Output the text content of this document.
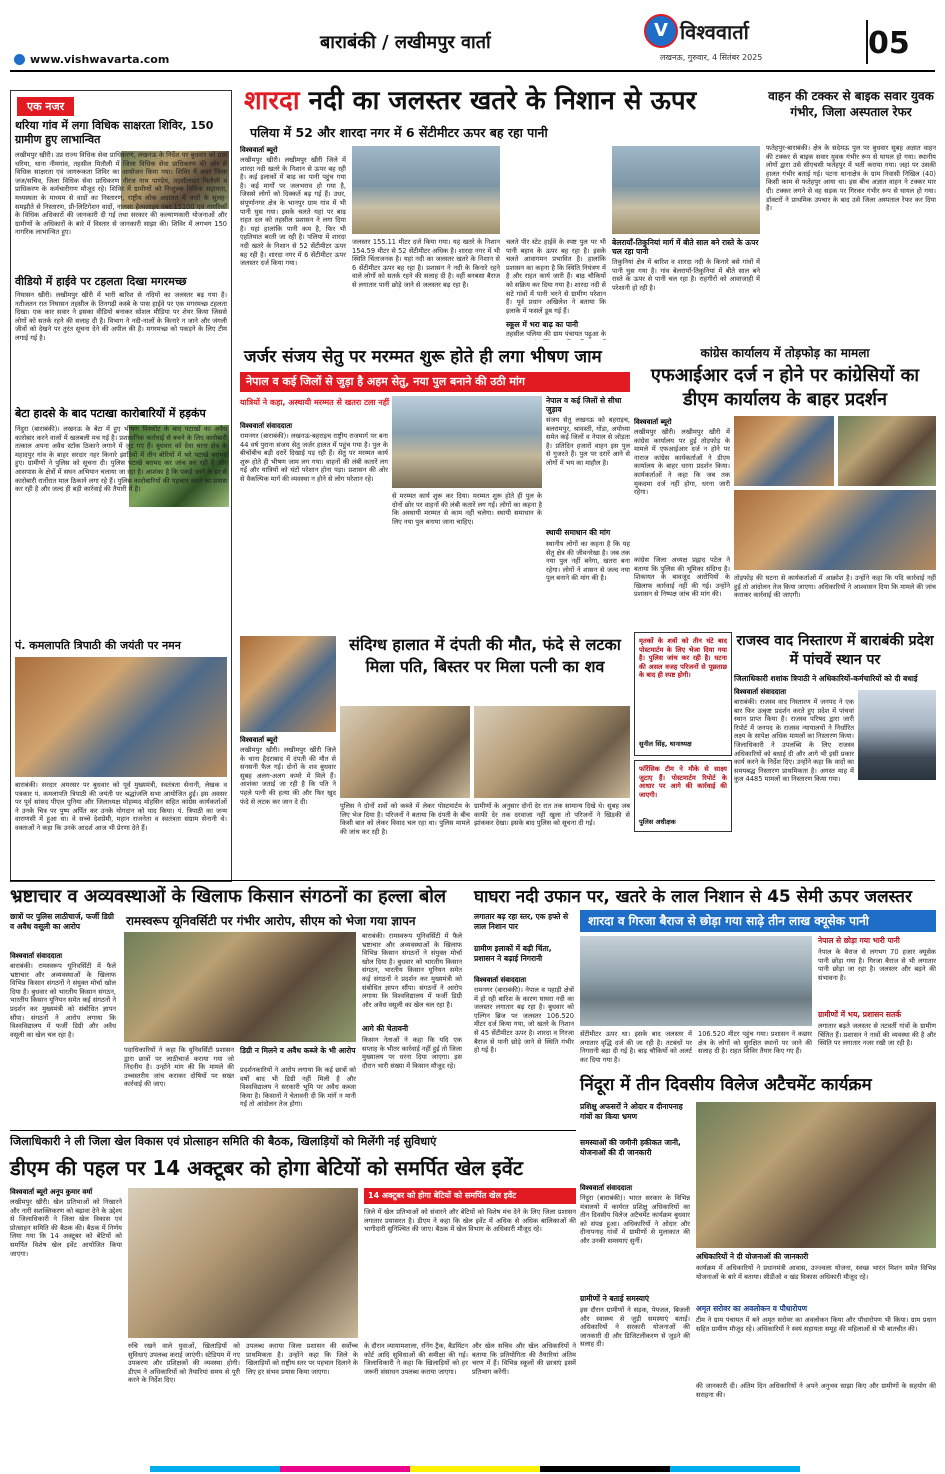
बाराबंकी / लखीमपुर वार्ता
www.vishwavarta.com
V विश्ववार्ता
लखनऊ, गुरुवार, 4 सितंबर 2025	05
एक नजर
थरिया गांव में लगा विधिक साक्षरता शिविर, 150 ग्रामीण हुए लाभान्वित
लखीमपुर खीरी। उप्र राज्य विधिक सेवा प्राधिकरण, लखनऊ के निर्देश पर बुधवार को ग्राम थरिया, थाना नीमगांव, तहसील मितौली में जिला विधिक सेवा प्राधिकरण की ओर से विधिक साक्षरता एवं जागरूकता शिविर का आयोजन किया गया। शिविर में अपर जिला जज/सचिव, जिला विधिक सेवा प्राधिकरण नीरज नाथ पाण्डेय, तहसीलदार मितौली व प्राधिकरण के कर्मचारीगण मौजूद रहे। शिविर में ग्रामीणों को निःशुल्क विधिक सहायता, मध्यस्थता के माध्यम से वादों का निस्तारण, राष्ट्रीय लोक अदालत में वादों के सुलह-समझौते से निस्तारण, प्री-लिटिगेशन वादों, नालसा हेल्पलाइन नंबर 15100 एवं नागरिकों के विधिक अधिकारों की जानकारी दी गई तथा सरकार की कल्याणकारी योजनाओं और ग्रामीणों के अधिकारों के बारे में विस्तार से जानकारी साझा की। शिविर में लगभग 150 नागरिक लाभान्वित हुए।
वीडियो में हाईवे पर टहलता दिखा मगरमच्छ
निघासन खीरी। लखीमपुर खीरी में भारी बारिश से नदियों का जलस्तर बढ़ गया है। नतीजतन रात निघासन तहसील के तिनगढ़ी कस्बे के पास हाईवे पर एक मगरमच्छ टहलता दिखा। एक कार सवार ने इसका वीडियो बनाकर सोशल मीडिया पर शेयर किया जिससे लोगों को सतर्क रहने की सलाह दी है। विभाग ने नदी-नालों के किनारे न जाने और जंगली जीवों को देखने पर तुरंत सूचना देने की अपील की है। मगरमच्छ को पकड़ने के लिए टीम लगाई गई है।
बेटा हादसे के बाद पटाखा कारोबारियों में हड़कंप
निंदुरा (बाराबंकी)। लखनऊ के बेटा में हुए भीषण विस्फोट के बाद पटाखों का अवैध कारोबार करने वालों में खलबली मच गई है। प्रशासनिक कार्रवाई से बचने के लिए कारोबारी तत्काल अपना अवैध स्टॉक ठिकाने लगाने में जुट गए हैं। बुधवार को देवा थाना क्षेत्र के महादपुर गांव के बाहर सरदार नहर किनारे झाड़ियों में तीन बोरियों में भरे पटाखे बरामद हुए। ग्रामीणों ने पुलिस को सूचना दी। पुलिस पटाखे बरामद कर जांच कर रही है और आसपास के क्षेत्रों में सघन अभियान चलाया जा रहा है। आशंका है कि पकड़े जाने के डर से कारोबारी रातोंरात माल ठिकाने लगा रहे हैं। पुलिस कारोबारियों की पहचान करने का प्रयास कर रही है और जल्द ही बड़ी कार्रवाई की तैयारी में है।
पं. कमलापति त्रिपाठी की जयंती पर नमन
बाराबंकी। सरदार अमरसर पर बुधवार को पूर्व मुख्यमंत्री, स्वतंत्रता सेनानी, लेखक व पत्रकार पं. कमलापति त्रिपाठी की जयंती पर श्रद्धांजलि सभा आयोजित हुई। इस अवसर पर पूर्व सांसद पीएल पुनिया और जिलाध्यक्ष मोहम्मद मोहसिन सहित कांग्रेस कार्यकर्ताओं ने उनके चित्र पर पुष्प अर्पित कर उनके योगदान को याद किया। पं. त्रिपाठी का जन्म वाराणसी में हुआ था। वे सच्चे देशप्रेमी, महान राजनेता व स्वतंत्रता संग्राम सेनानी थे। वक्ताओं ने कहा कि उनके आदर्श आज भी प्रेरणा देते हैं।
शारदा नदी का जलस्तर खतरे के निशान से ऊपर
पलिया में 52 और शारदा नगर में 6 सेंटीमीटर ऊपर बह रहा पानी
विश्ववार्ता ब्यूरो
लखीमपुर खीरी। लखीमपुर खीरी जिले में शारदा नदी खतरे के निशान से ऊपर बह रही है। कई इलाकों में बाढ़ का पानी पहुंच गया है। कई मार्गों पर जलभराव हो गया है, जिससे लोगों को दिक्कतें बढ़ गई हैं। उधर, संपूर्णानगर क्षेत्र के भानपुर ग्राम गांव में भी पानी घुस गया। इसके चलते यहां पर बाढ़ राहत दल को तहसील प्रशासन ने लगा दिया है। यहां हालांकि पानी कम है, फिर भी एहतियात बरती जा रही है। पलिया में शारदा नदी खतरे के निशान से 52 सेंटीमीटर ऊपर बह रही है। शारदा नगर में 6 सेंटीमीटर ऊपर जलस्तर दर्ज किया गया।
जलस्तर 155.11 मीटर दर्ज किया गया। यह खतरे के निशान 154.59 मीटर से 52 सेंटीमीटर अधिक है। शारदा नगर में भी स्थिति चिंताजनक है। यहां नदी का जलस्तर खतरे के निशान से 6 सेंटीमीटर ऊपर बह रहा है। प्रशासन ने नदी के किनारे रहने वाले लोगों को सतर्क रहने की सलाह दी है। वहीं बनबसा बैराज से लगातार पानी छोड़े जाने से जलस्तर बढ़ रहा है।
चलते पीर स्टेट हाईवे के स्पष्ट पुल पर भी पानी बहाव के ऊपर बह रहा है। इसके चलते आवागमन प्रभावित है। हालांकि प्रशासन का कहना है कि स्थिति नियंत्रण में है और राहत कार्य जारी हैं। बाढ़ चौकियों को सक्रिय कर दिया गया है। शारदा नदी से सटे गांवों में पानी भरने से ग्रामीण परेशान हैं। पूर्व प्रधान अखिलेश ने बताया कि इलाके में फसलें डूब गई हैं।
स्कूल में भरा बाढ़ का पानी
तहसील पलिया की ग्राम पंचायत पढ़ुआ के
बेलरायाँ-तिकुनियां मार्ग में बीते साल बने रास्ते के ऊपर चल रहा पानी
तिकुनियां क्षेत्र में बारिश व शारदा नदी के किनारे बसे गांवों में पानी घुस गया है। गांव बेलरायाँ-तिकुनियां में बीते साल बने रास्ते के ऊपर से पानी चल रहा है। राहगीरों को आवाजाही में परेशानी हो रही है।
वाहन की टक्कर से बाइक सवार युवक गंभीर, जिला अस्पताल रेफर
फतेहपुर-बाराबंकी। क्षेत्र के सदेमऊ पुल पर बुधवार सुबह अज्ञात वाहन की टक्कर से बाइक सवार युवक गंभीर रूप से घायल हो गया। स्थानीय लोगों द्वारा उसे सीएचसी फतेहपुर में भर्ती कराया गया। जहां पर उसकी हालत गंभीर बताई गई। पटना थानाक्षेत्र के ग्राम निवासी निखिल (40) किसी काम से फतेहपुर आया था। इस बीच अज्ञात वाहन ने टक्कर मार दी। टक्कर लगने से वह सड़क पर गिरकर गंभीर रूप से घायल हो गया। डॉक्टरों ने प्राथमिक उपचार के बाद उसे जिला अस्पताल रेफर कर दिया है।
जर्जर संजय सेतु पर मरम्मत शुरू होते ही लगा भीषण जाम
नेपाल व कई जिलों से जुड़ा है अहम सेतु, नया पुल बनाने की उठी मांग
यात्रियों ने कहा, अस्थायी मरम्मत से खतरा टला नहीं
विश्ववार्ता संवाददाता
रामनगर (बाराबंकी)। लखनऊ-बहराइच राष्ट्रीय राजमार्ग पर बना 44 वर्ष पुराना संजय सेतु जर्जर हालत में पहुंच गया है। पुल के बीचोंबीच बड़ी दरारें दिखाई पड़ रही हैं। सेतु पर मरम्मत कार्य शुरू होते ही भीषण जाम लग गया। वाहनों की लंबी कतारें लग गईं और यात्रियों को घंटों परेशान होना पड़ा। प्रशासन की ओर से वैकल्पिक मार्ग की व्यवस्था न होने से लोग परेशान रहे।
से मरम्मत कार्य शुरू कर दिया। मरम्मत शुरू होते ही पुल के दोनों छोर पर वाहनों की लंबी कतारें लग गईं। लोगों का कहना है कि अस्थायी मरम्मत से काम नहीं चलेगा। स्थायी समाधान के लिए नया पुल बनाया जाना चाहिए।
नेपाल व कई जिलों से सीधा जुड़ाव
संजय सेतु लखनऊ को बहराइच, बलरामपुर, श्रावस्ती, गोंडा, अयोध्या समेत कई जिलों व नेपाल से जोड़ता है। प्रतिदिन हजारों वाहन इस पुल से गुजरते हैं। पुल पर दरारें आने से लोगों में भय का माहौल है।
स्थायी समाधान की मांग
स्थानीय लोगों का कहना है कि यह सेतु क्षेत्र की जीवनरेखा है। जब तक नया पुल नहीं बनेगा, खतरा बना रहेगा। लोगों ने शासन से जल्द नया पुल बनाने की मांग की है।
कांग्रेस कार्यालय में तोड़फोड़ का मामला
एफआईआर दर्ज न होने पर कांग्रेसियों का डीएम कार्यालय के बाहर प्रदर्शन
विश्ववार्ता ब्यूरो
लखीमपुर खीरी। लखीमपुर खीरी में कांग्रेस कार्यालय पर हुई तोड़फोड़ के मामले में एफआईआर दर्ज न होने पर नाराज कांग्रेस कार्यकर्ताओं ने डीएम कार्यालय के बाहर धरना प्रदर्शन किया। कार्यकर्ताओं ने कहा कि जब तक मुकदमा दर्ज नहीं होगा, धरना जारी रहेगा।
कांग्रेस जिला अध्यक्ष प्रह्लाद पटेल ने बताया कि पुलिस की भूमिका संदिग्ध है। शिकायत के बावजूद आरोपियों के खिलाफ कार्रवाई नहीं की गई। उन्होंने प्रशासन से निष्पक्ष जांच की मांग की।
तोड़फोड़ की घटना से कार्यकर्ताओं में आक्रोश है। उन्होंने कहा कि यदि कार्रवाई नहीं हुई तो आंदोलन तेज किया जाएगा। अधिकारियों ने आश्वासन दिया कि मामले की जांच कराकर कार्रवाई की जाएगी।
संदिग्ध हालात में दंपती की मौत, फंदे से लटका मिला पति, बिस्तर पर मिला पत्नी का शव
विश्ववार्ता ब्यूरो
लखीमपुर खीरी। लखीमपुर खीरी जिले के थाना हैदराबाद में दंपती की मौत से सनसनी फैल गई। दोनों के शव बुधवार सुबह अलग-अलग कमरे में मिले हैं। आशंका जताई जा रही है कि पति ने पहले पत्नी की हत्या की और फिर खुद फंदे से लटक कर जान दे दी।
पुलिस ने दोनों शवों को कब्जे में लेकर पोस्टमार्टम के लिए भेज दिया है। परिजनों ने बताया कि दंपती के बीच किसी बात को लेकर विवाद चल रहा था। पुलिस मामले की जांच कर रही है।
ग्रामीणों के अनुसार दोनों देर रात तक सामान्य दिखे थे। सुबह जब काफी देर तक दरवाजा नहीं खुला तो परिजनों ने खिड़की से झांककर देखा। इसके बाद पुलिस को सूचना दी गई।
मृतकों के शवों को तीन घंटे बाद पोस्टमार्टम के लिए भेजा दिया गया है। पुलिस जांच कर रही है। घटना की असल वजह परिजनों से पूछताछ के बाद ही स्पष्ट होगी।
सुनील सिंह, थानाध्यक्ष
फॉरेंसिक टीम ने मौके से साक्ष्य जुटाए हैं। पोस्टमार्टम रिपोर्ट के आधार पर आगे की कार्रवाई की जाएगी।
पुलिस अधीक्षक
राजस्व वाद निस्तारण में बाराबंकी प्रदेश में पांचवें स्थान पर
जिलाधिकारी शशांक त्रिपाठी ने अधिकारियों-कर्मचारियों को दी बधाई
विश्ववार्ता संवाददाता
बाराबंकी। राजस्व वाद निस्तारण में जनपद ने एक बार फिर उत्कृष्ट प्रदर्शन करते हुए प्रदेश में पांचवां स्थान प्राप्त किया है। राजस्व परिषद द्वारा जारी रिपोर्ट में जनपद के राजस्व न्यायालयों ने निर्धारित लक्ष्य के सापेक्ष अधिक मामलों का निस्तारण किया। जिलाधिकारी ने उपलब्धि के लिए राजस्व अधिकारियों को बधाई दी और आगे भी इसी प्रकार कार्य करने के निर्देश दिए। उन्होंने कहा कि वादों का समयबद्ध निस्तारण प्राथमिकता है। अगस्त माह में कुल 4485 मामलों का निस्तारण किया गया।
भ्रष्टाचार व अव्यवस्थाओं के खिलाफ किसान संगठनों का हल्ला बोल
छात्रों पर पुलिस लाठीचार्ज, फर्जी डिग्री व अवैध वसूली का आरोप	रामस्वरूप यूनिवर्सिटी पर गंभीर आरोप, सीएम को भेजा गया ज्ञापन
विश्ववार्ता संवाददाता
बाराबंकी। रामस्वरूप यूनिवर्सिटी में फैले भ्रष्टाचार और अव्यवस्थाओं के खिलाफ विभिन्न किसान संगठनों ने संयुक्त मोर्चा खोल दिया है। बुधवार को भारतीय किसान संगठन, भारतीय किसान यूनियन समेत कई संगठनों ने प्रदर्शन कर मुख्यमंत्री को संबोधित ज्ञापन सौंपा। संगठनों ने आरोप लगाया कि विश्वविद्यालय में फर्जी डिग्री और अवैध वसूली का खेल चल रहा है।
पदाधिकारियों ने कहा कि यूनिवर्सिटी प्रशासन द्वारा छात्रों पर लाठीचार्ज कराया गया जो निंदनीय है। उन्होंने मांग की कि मामले की उच्चस्तरीय जांच कराकर दोषियों पर सख्त कार्रवाई की जाए।
डिग्री न मिलने व अवैध कब्जे के भी आरोप
प्रदर्शनकारियों ने आरोप लगाया कि कई छात्रों को वर्षों बाद भी डिग्री नहीं मिली है और विश्वविद्यालय ने सरकारी भूमि पर अवैध कब्जा किया है। किसानों ने चेतावनी दी कि मांगें न मानी गईं तो आंदोलन तेज होगा।
बाराबंकी। रामस्वरूप यूनिवर्सिटी में फैले भ्रष्टाचार और अव्यवस्थाओं के खिलाफ विभिन्न किसान संगठनों ने संयुक्त मोर्चा खोल दिया है। बुधवार को भारतीय किसान संगठन, भारतीय किसान यूनियन समेत कई संगठनों ने प्रदर्शन कर मुख्यमंत्री को संबोधित ज्ञापन सौंपा। संगठनों ने आरोप लगाया कि विश्वविद्यालय में फर्जी डिग्री और अवैध वसूली का खेल चल रहा है।
आगे की चेतावनी
किसान नेताओं ने कहा कि यदि एक सप्ताह के भीतर कार्रवाई नहीं हुई तो जिला मुख्यालय पर धरना दिया जाएगा। इस दौरान भारी संख्या में किसान मौजूद रहे।
घाघरा नदी उफान पर, खतरे के लाल निशान से 45 सेमी ऊपर जलस्तर
लगातार बढ़ रहा स्तर, एक हफ्ते से लाल निशान पार	शारदा व गिरजा बैराज से छोड़ा गया साढ़े तीन लाख क्यूसेक पानी
ग्रामीण इलाकों में बढ़ी चिंता, प्रशासन ने बढ़ाई निगरानी
विश्ववार्ता संवाददाता
रामनगर (बाराबंकी)। नेपाल व पहाड़ी क्षेत्रों में हो रही बारिश के कारण घाघरा नदी का जलस्तर लगातार बढ़ रहा है। बुधवार को एल्गिन ब्रिज पर जलस्तर 106.520 मीटर दर्ज किया गया, जो खतरे के निशान से 45 सेंटीमीटर ऊपर है। शारदा व गिरजा बैराज से पानी छोड़े जाने से स्थिति गंभीर हो गई है।
सेंटीमीटर ऊपर था। इसके बाद जलस्तर में लगातार वृद्धि दर्ज की जा रही है। तटबंधों पर निगरानी बढ़ा दी गई है। बाढ़ चौकियों को अलर्ट कर दिया गया है।
106.520 मीटर पहुंच गया। प्रशासन ने कछार क्षेत्र के लोगों को सुरक्षित स्थानों पर जाने की सलाह दी है। राहत शिविर तैयार किए गए हैं।
नेपाल से छोड़ा गया भारी पानी
नेपाल के बैराज से लगभग 70 हजार क्यूसेक पानी छोड़ा गया है। गिरजा बैराज से भी लगातार पानी छोड़ा जा रहा है। जलस्तर और बढ़ने की संभावना है।
ग्रामीणों में भय, प्रशासन सतर्क
लगातार बढ़ते जलस्तर से तटवर्ती गांवों के ग्रामीण चिंतित हैं। प्रशासन ने नावों की व्यवस्था की है और स्थिति पर लगातार नजर रखी जा रही है।
निंदूरा में तीन दिवसीय विलेज अटैचमेंट कार्यक्रम
प्रशिक्षु अफसरों ने ओदार व दीनापनाह गांवों का किया भ्रमण
समस्याओं की जमीनी हकीकत जानी, योजनाओं की दी जानकारी
विश्ववार्ता संवाददाता
निंदुरा (बाराबंकी)। भारत सरकार के विभिन्न मंत्रालयों में कार्यरत प्रशिक्षु अधिकारियों का तीन दिवसीय विलेज अटैचमेंट कार्यक्रम बुधवार को संपन्न हुआ। अधिकारियों ने ओदार और दीनापनाह गांवों में ग्रामीणों से मुलाकात की और उनकी समस्याएं सुनीं।
ग्रामीणों ने बताई समस्याएं
इस दौरान ग्रामीणों ने सड़क, पेयजल, बिजली और स्वास्थ्य से जुड़ी समस्याएं बताईं। अधिकारियों ने सरकारी योजनाओं की जानकारी दी और डिजिटलीकरण से जुड़ने की सलाह दी।
अधिकारियों ने दी योजनाओं की जानकारी
कार्यक्रम में अधिकारियों ने प्रधानमंत्री आवास, उज्ज्वला योजना, स्वच्छ भारत मिशन समेत विभिन्न योजनाओं के बारे में बताया। सीडीओ व खंड विकास अधिकारी मौजूद रहे।
अमृत सरोवर का अवलोकन व पौधारोपण
टीम ने ग्राम पंचायत में बने अमृत सरोवर का अवलोकन किया और पौधारोपण भी किया। ग्राम प्रधान सहित ग्रामीण मौजूद रहे। अधिकारियों ने स्वयं सहायता समूह की महिलाओं से भी बातचीत की।
की जानकारी दी। अंतिम दिन अधिकारियों ने अपने अनुभव साझा किए और ग्रामीणों के सहयोग की सराहना की।
जिलाधिकारी ने ली जिला खेल विकास एवं प्रोत्साहन समिति की बैठक, खिलाड़ियों को मिलेंगी नई सुविधाएं
डीएम की पहल पर 14 अक्टूबर को होगा बेटियों को समर्पित खेल इवेंट
विश्ववार्ता ब्यूरो अनूप कुमार वर्मा
लखीमपुर खीरी। खेल प्रतिभाओं को निखारने और नारी सशक्तिकरण को बढ़ावा देने के उद्देश्य से जिलाधिकारी ने जिला खेल विकास एवं प्रोत्साहन समिति की बैठक की। बैठक में निर्णय लिया गया कि 14 अक्टूबर को बेटियों को समर्पित विशेष खेल इवेंट आयोजित किया जाएगा।
रुचि रखने वाले युवाओं, खिलाड़ियों को सुविधाएं उपलब्ध कराई जाएंगी। स्टेडियम में नए उपकरण और प्रशिक्षकों की व्यवस्था होगी। डीएम ने अधिकारियों को तैयारियां समय से पूरी करने के निर्देश दिए।
उपलब्ध कराया जिला प्रशासन की सर्वोच्च प्राथमिकता है। उन्होंने कहा कि जिले के खिलाड़ियों को राष्ट्रीय स्तर पर पहचान दिलाने के लिए हर संभव प्रयास किया जाएगा।
14 अक्टूबर को होगा बेटियों को समर्पित खेल इवेंट
जिले में खेल प्रतिभाओं को संवारने और बेटियों को विशेष मंच देने के लिए जिला प्रशासन लगातार प्रयासरत है। डीएम ने कहा कि खेल इवेंट में अधिक से अधिक बालिकाओं की भागीदारी सुनिश्चित की जाए। बैठक में खेल विभाग के अधिकारी मौजूद रहे।
के दौरान व्यायामशाला, रनिंग ट्रैक, बैडमिंटन कोर्ट आदि सुविधाओं की समीक्षा की गई। जिलाधिकारी ने कहा कि खिलाड़ियों को हर जरूरी संसाधन उपलब्ध कराया जाएगा।
और खेल सचिव और खेल अधिकारियों ने बताया कि प्रतियोगिता की तैयारियां अंतिम चरण में हैं। विभिन्न स्कूलों की छात्राएं इसमें प्रतिभाग करेंगी।
